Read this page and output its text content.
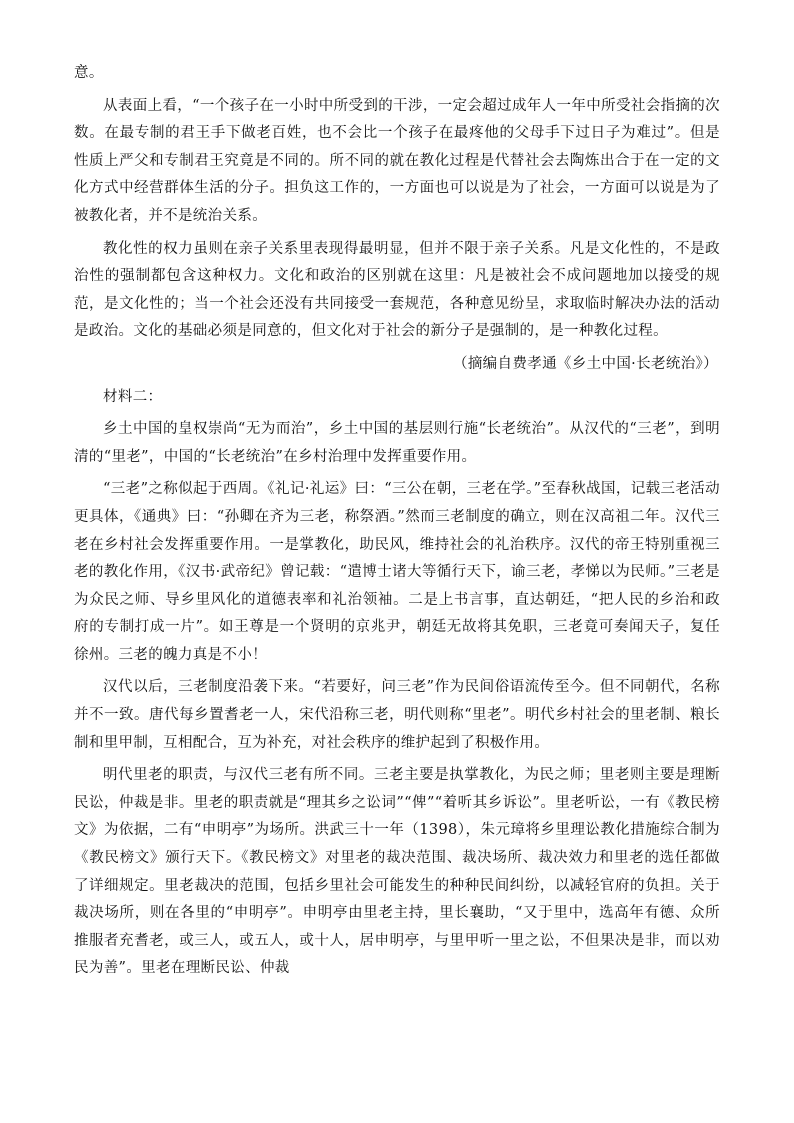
意。

从表面上看，“一个孩子在一小时中所受到的干涉，一定会超过成年人一年中所受社会指摘的次数。在最专制的君王手下做老百姓，也不会比一个孩子在最疼他的父母手下过日子为难过”。但是性质上严父和专制君王究竟是不同的。所不同的就在教化过程是代替社会去陶炼出合于在一定的文化方式中经营群体生活的分子。担负这工作的，一方面也可以说是为了社会，一方面可以说是为了被教化者，并不是统治关系。

教化性的权力虽则在亲子关系里表现得最明显，但并不限于亲子关系。凡是文化性的，不是政治性的强制都包含这种权力。文化和政治的区别就在这里：凡是被社会不成问题地加以接受的规范，是文化性的；当一个社会还没有共同接受一套规范，各种意见纷呈，求取临时解决办法的活动是政治。文化的基础必须是同意的，但文化对于社会的新分子是强制的，是一种教化过程。

（摘编自费孝通《乡土中国·长老统治》）

材料二：

乡土中国的皇权崇尚“无为而治”，乡土中国的基层则行施“长老统治”。从汉代的“三老”，到明清的“里老”，中国的“长老统治”在乡村治理中发挥重要作用。

“三老”之称似起于西周。《礼记·礼运》曰：“三公在朝，三老在学。”至春秋战国，记载三老活动更具体，《通典》曰：“孙卿在齐为三老，称祭酒。”然而三老制度的确立，则在汉高祖二年。汉代三老在乡村社会发挥重要作用。一是掌教化，助民风，维持社会的礼治秩序。汉代的帝王特别重视三老的教化作用，《汉书·武帝纪》曾记载：“遣博士诸大等循行天下，谕三老，孝悌以为民师。”三老是为众民之师、导乡里风化的道德表率和礼治领袖。二是上书言事，直达朝廷，“把人民的乡治和政府的专制打成一片”。如王尊是一个贤明的京兆尹，朝廷无故将其免职，三老竟可奏闻天子，复任徐州。三老的魄力真是不小！

汉代以后，三老制度沿袭下来。“若要好，问三老”作为民间俗语流传至今。但不同朝代，名称并不一致。唐代每乡置耆老一人，宋代沿称三老，明代则称“里老”。明代乡村社会的里老制、粮长制和里甲制，互相配合，互为补充，对社会秩序的维护起到了积极作用。

明代里老的职责，与汉代三老有所不同。三老主要是执掌教化，为民之师；里老则主要是理断民讼，仲裁是非。里老的职责就是“理其乡之讼词”“俾”“着听其乡诉讼”。里老听讼，一有《教民榜文》为依据，二有“申明亭”为场所。洪武三十一年（1398），朱元璋将乡里理讼教化措施综合制为《教民榜文》颁行天下。《教民榜文》对里老的裁决范围、裁决场所、裁决效力和里老的选任都做了详细规定。里老裁决的范围，包括乡里社会可能发生的种种民间纠纷，以减轻官府的负担。关于裁决场所，则在各里的“申明亭”。申明亭由里老主持，里长襄助，“又于里中，选高年有德、众所推服者充耆老，或三人，或五人，或十人，居申明亭，与里甲听一里之讼，不但果决是非，而以劝民为善”。里老在理断民讼、仲裁
